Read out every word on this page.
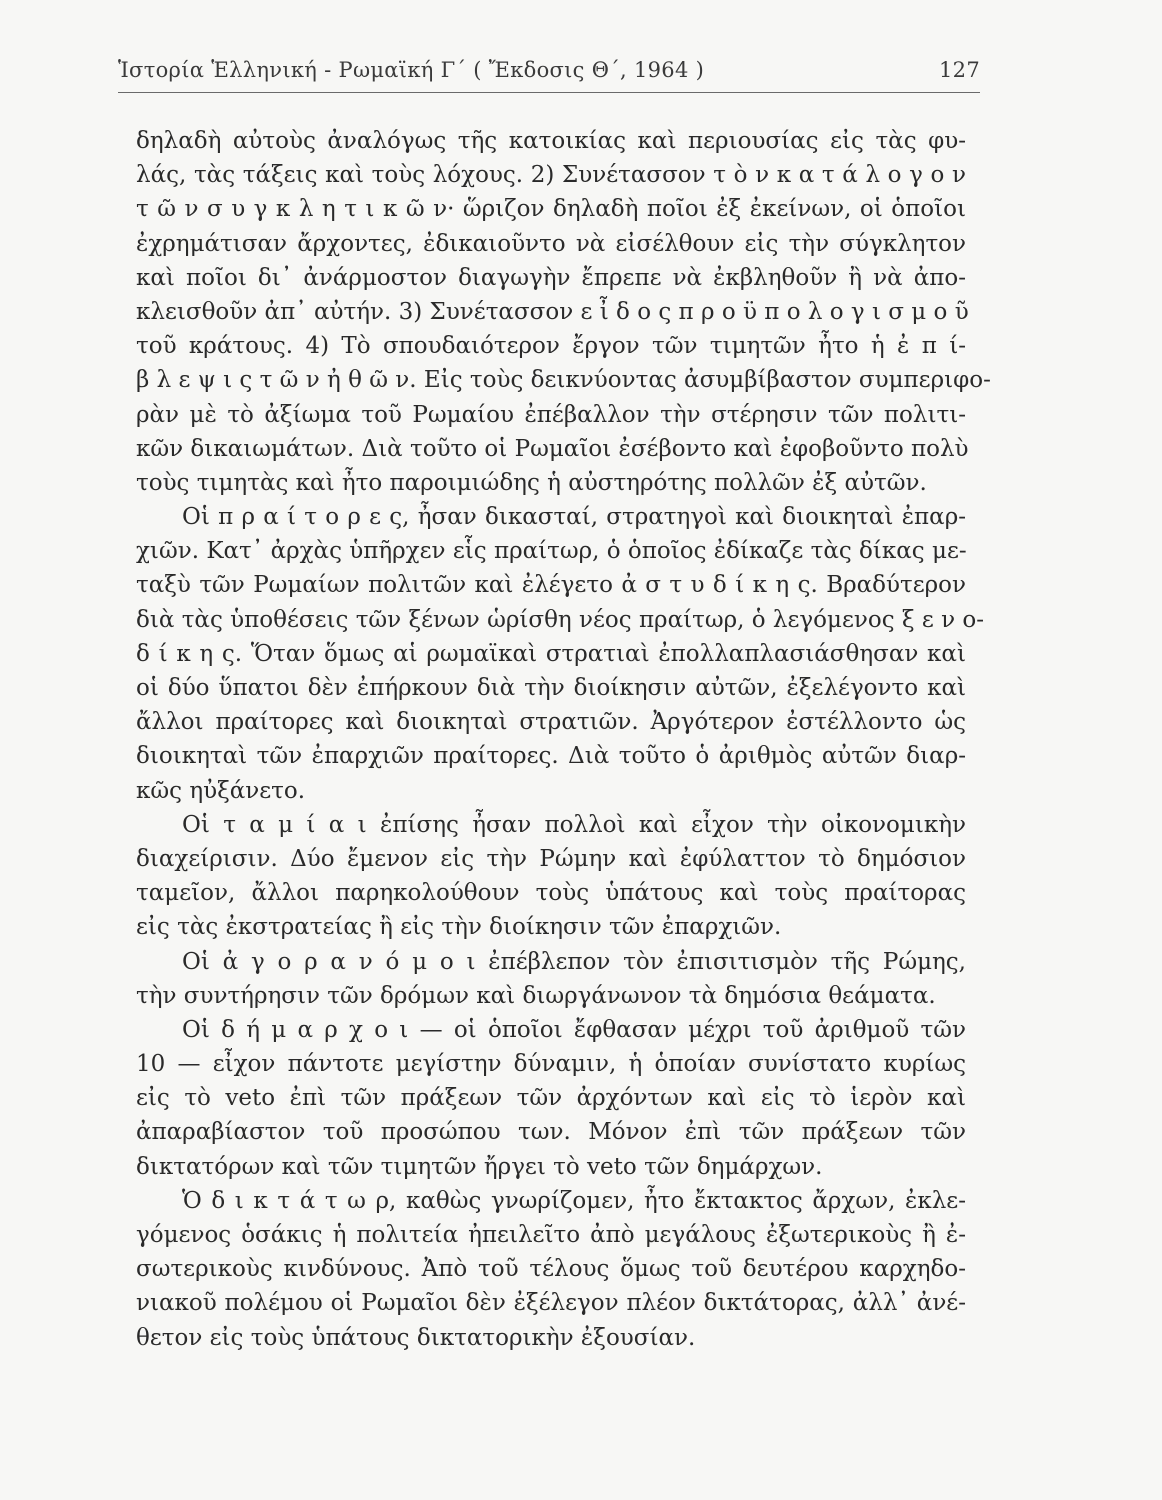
Ἱστορία Ἑλληνική - Ρωμαϊκή Γ΄ ( Ἔκδοσις Θ΄, 1964 )	127
δηλαδὴ αὐτοὺς ἀναλόγως τῆς κατοικίας καὶ περιουσίας εἰς τὰς φυ-
λάς, τὰς τάξεις καὶ τοὺς λόχους. 2) Συνέτασσον τ ὸ ν κ α τ ά λ ο γ ο ν
τ ῶ ν σ υ γ κ λ η τ ι κ ῶ ν· ὥριζον δηλαδὴ ποῖοι ἐξ ἐκείνων, οἱ ὁποῖοι
ἐχρημάτισαν ἄρχοντες, ἐδικαιοῦντο νὰ εἰσέλθουν εἰς τὴν σύγκλητον
καὶ ποῖοι δι᾿ ἀνάρμοστον διαγωγὴν ἔπρεπε νὰ ἐκβληθοῦν ἢ νὰ ἀπο-
κλεισθοῦν ἀπ᾿ αὐτήν. 3) Συνέτασσον ε ἶ δ ο ς π ρ ο ϋ π ο λ ο γ ι σ μ ο ῦ
τοῦ κράτους. 4) Τὸ σπουδαιότερον ἔργον τῶν τιμητῶν ἦτο ἡ ἐ π ί-
β λ ε ψ ι ς τ ῶ ν ἠ θ ῶ ν. Εἰς τοὺς δεικνύοντας ἀσυμβίβαστον συμπεριφο-
ρὰν μὲ τὸ ἀξίωμα τοῦ Ρωμαίου ἐπέβαλλον τὴν στέρησιν τῶν πολιτι-
κῶν δικαιωμάτων. Διὰ τοῦτο οἱ Ρωμαῖοι ἐσέβοντο καὶ ἐφοβοῦντο πολὺ
τοὺς τιμητὰς καὶ ἦτο παροιμιώδης ἡ αὐστηρότης πολλῶν ἐξ αὐτῶν.
Οἱ π ρ α ί τ ο ρ ε ς, ἦσαν δικασταί, στρατηγοὶ καὶ διοικηταὶ ἐπαρ-
χιῶν. Κατ᾿ ἀρχὰς ὑπῆρχεν εἷς πραίτωρ, ὁ ὁποῖος ἐδίκαζε τὰς δίκας με-
ταξὺ τῶν Ρωμαίων πολιτῶν καὶ ἐλέγετο ἀ σ τ υ δ ί κ η ς. Βραδύτερον
διὰ τὰς ὑποθέσεις τῶν ξένων ὡρίσθη νέος πραίτωρ, ὁ λεγόμενος ξ ε ν ο-
δ ί κ η ς. Ὅταν ὅμως αἱ ρωμαϊκαὶ στρατιαὶ ἐπολλαπλασιάσθησαν καὶ
οἱ δύο ὕπατοι δὲν ἐπήρκουν διὰ τὴν διοίκησιν αὐτῶν, ἐξελέγοντο καὶ
ἄλλοι πραίτορες καὶ διοικηταὶ στρατιῶν. Ἀργότερον ἐστέλλοντο ὡς
διοικηταὶ τῶν ἐπαρχιῶν πραίτορες. Διὰ τοῦτο ὁ ἀριθμὸς αὐτῶν διαρ-
κῶς ηὐξάνετο.
Οἱ τ α μ ί α ι ἐπίσης ἦσαν πολλοὶ καὶ εἶχον τὴν οἰκονομικὴν
διαχείρισιν. Δύο ἔμενον εἰς τὴν Ρώμην καὶ ἐφύλαττον τὸ δημόσιον
ταμεῖον, ἄλλοι παρηκολούθουν τοὺς ὑπάτους καὶ τοὺς πραίτορας
εἰς τὰς ἐκστρατείας ἢ εἰς τὴν διοίκησιν τῶν ἐπαρχιῶν.
Οἱ ἀ γ ο ρ α ν ό μ ο ι ἐπέβλεπον τὸν ἐπισιτισμὸν τῆς Ρώμης,
τὴν συντήρησιν τῶν δρόμων καὶ διωργάνωνον τὰ δημόσια θεάματα.
Οἱ δ ή μ α ρ χ ο ι — οἱ ὁποῖοι ἔφθασαν μέχρι τοῦ ἀριθμοῦ τῶν
10 — εἶχον πάντοτε μεγίστην δύναμιν, ἡ ὁποίαν συνίστατο κυρίως
εἰς τὸ veto ἐπὶ τῶν πράξεων τῶν ἀρχόντων καὶ εἰς τὸ ἱερὸν καὶ
ἀπαραβίαστον τοῦ προσώπου των. Μόνον ἐπὶ τῶν πράξεων τῶν
δικτατόρων καὶ τῶν τιμητῶν ἤργει τὸ veto τῶν δημάρχων.
Ὁ δ ι κ τ ά τ ω ρ, καθὼς γνωρίζομεν, ἦτο ἔκτακτος ἄρχων, ἐκλε-
γόμενος ὁσάκις ἡ πολιτεία ἠπειλεῖτο ἀπὸ μεγάλους ἐξωτερικοὺς ἢ ἐ-
σωτερικοὺς κινδύνους. Ἀπὸ τοῦ τέλους ὅμως τοῦ δευτέρου καρχηδο-
νιακοῦ πολέμου οἱ Ρωμαῖοι δὲν ἐξέλεγον πλέον δικτάτορας, ἀλλ᾿ ἀνέ-
θετον εἰς τοὺς ὑπάτους δικτατορικὴν ἐξουσίαν.
